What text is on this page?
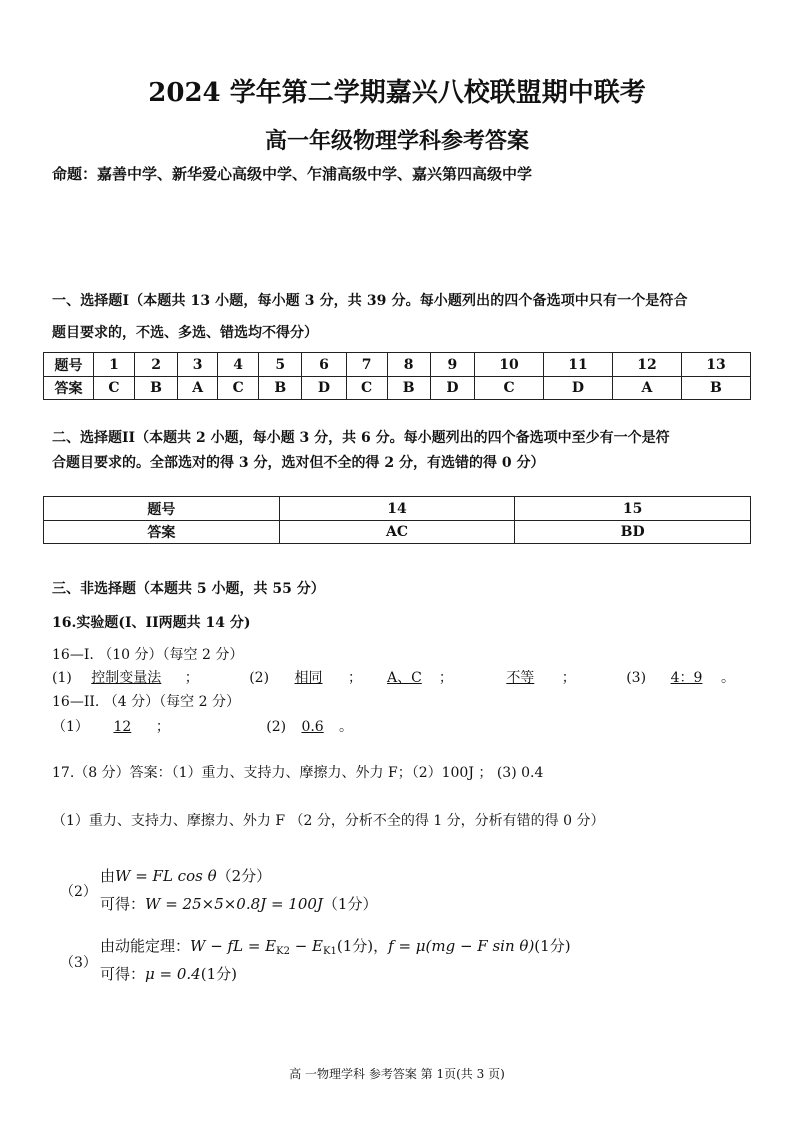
2024 学年第二学期嘉兴八校联盟期中联考
高一年级物理学科参考答案
命题：嘉善中学、新华爱心高级中学、乍浦高级中学、嘉兴第四高级中学
一、选择题I（本题共 13 小题，每小题 3 分，共 39 分。每小题列出的四个备选项中只有一个是符合
题目要求的，不选、多选、错选均不得分）
题号	1	2	3	4	5	6	7	8	9	10	11	12	13
答案	C	B	A	C	B	D	C	B	D	C	D	A	B
二、选择题II（本题共 2 小题，每小题 3 分，共 6 分。每小题列出的四个备选项中至少有一个是符
合题目要求的。全部选对的得 3 分，选对但不全的得 2 分，有选错的得 0 分）
题号	14	15
答案	AC	BD
三、非选择题（本题共 5 小题，共 55 分）
16.实验题(I、II两题共 14 分)
16—I. （10 分）（每空 2 分）
(1) 控制变量法 ；	(2) 相同 ； A、C ；	不等 ；	(3) 4：9 。
16—II. （4 分）（每空 2 分）
（1） 12 ；	(2) 0.6 。
17.（8 分）答案：（1）重力、支持力、摩擦力、外力 F；（2）100J ； (3) 0.4
（1）重力、支持力、摩擦力、外力 F （2 分，分析不全的得 1 分，分析有错的得 0 分）
（2）
由W = FL cos θ（2分）
可得：W = 25×5×0.8J = 100J（1分）
（3）
由动能定理：W − fL = $E_{K2} - E_{K1}(1$分)，f = μ(mg − F sin θ)(1分)
可得：μ = 0.4(1分)
高 一物理学科 参考答案 第 1页(共 3 页)
